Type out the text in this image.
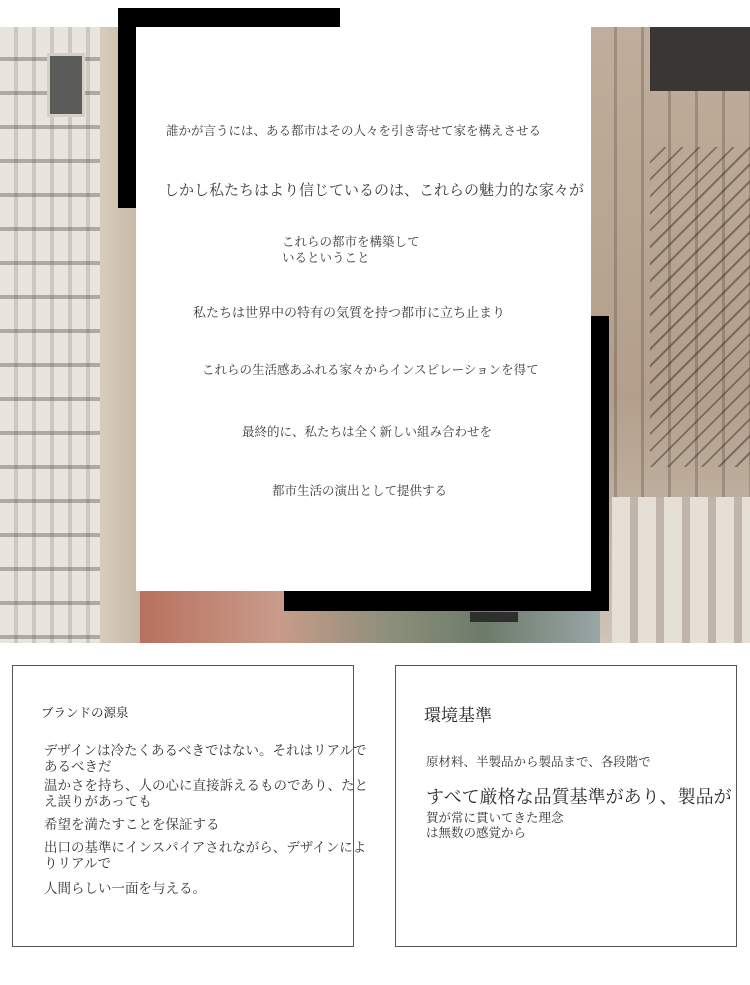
誰かが言うには、ある都市はその人々を引き寄せて家を構えさせる
しかし私たちはより信じているのは、これらの魅力的な家々が
これらの都市を構築して
いるということ
私たちは世界中の特有の気質を持つ都市に立ち止まり
これらの生活感あふれる家々からインスピレーションを得て
最終的に、私たちは全く新しい組み合わせを
都市生活の演出として提供する
ブランドの源泉
デザインは冷たくあるべきではない。それはリアルであるべきだ
温かさを持ち、人の心に直接訴えるものであり、たとえ誤りがあっても
希望を満たすことを保証する
出口の基準にインスパイアされながら、デザインによりリアルで
人間らしい一面を与える。
環境基準
原材料、半製品から製品まで、各段階で
すべて厳格な品質基準があり、製品が
賀が常に貫いてきた理念は無数の感覚から
